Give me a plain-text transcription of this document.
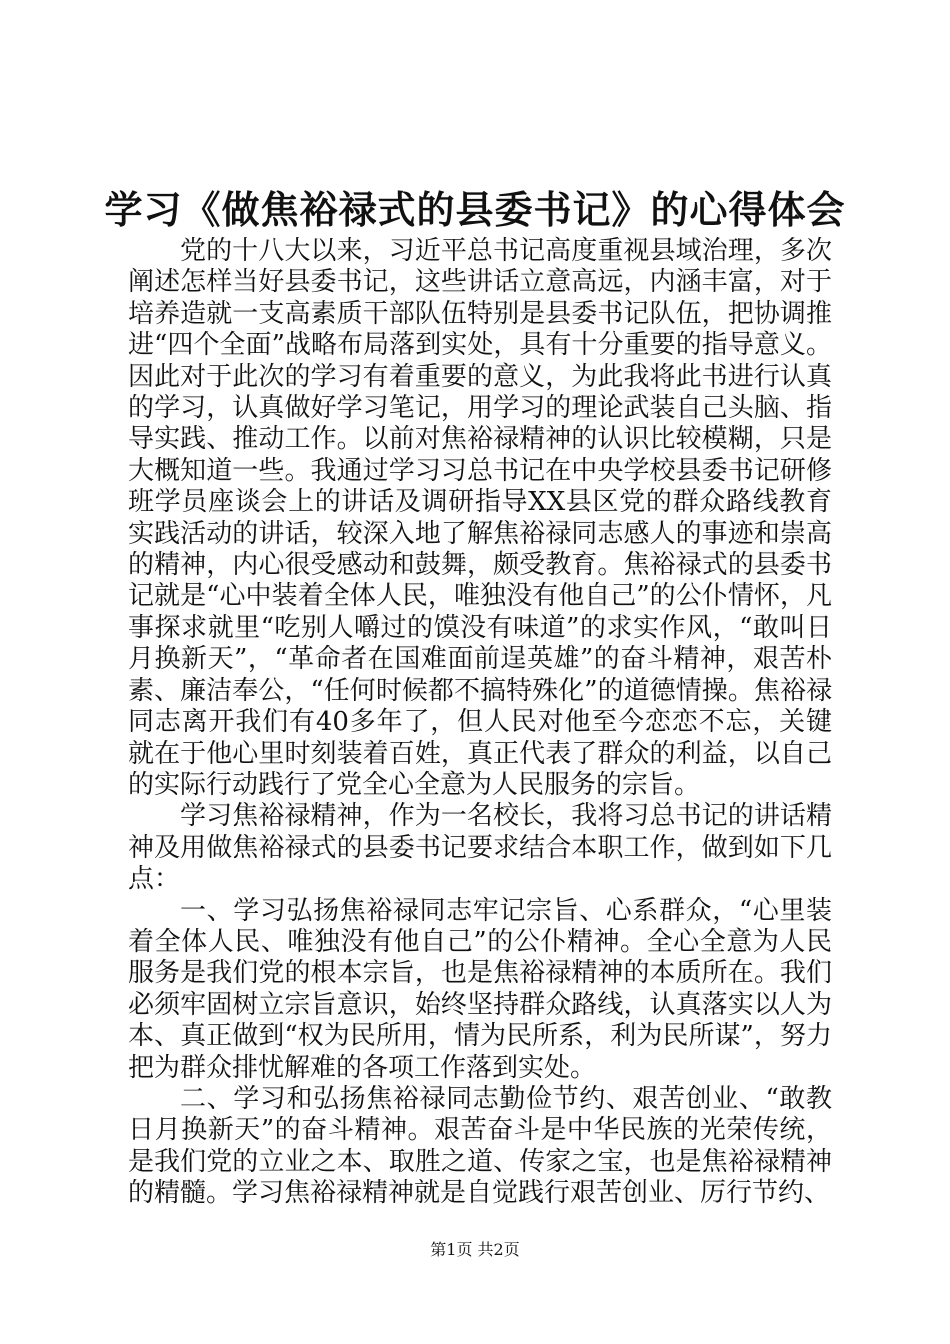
学习《做焦裕禄式的县委书记》的心得体会

党的十八大以来，习近平总书记高度重视县域治理，多次阐述怎样当好县委书记，这些讲话立意高远，内涵丰富，对于培养造就一支高素质干部队伍特别是县委书记队伍，把协调推进“四个全面”战略布局落到实处，具有十分重要的指导意义。因此对于此次的学习有着重要的意义，为此我将此书进行认真的学习，认真做好学习笔记，用学习的理论武装自己头脑、指导实践、推动工作。以前对焦裕禄精神的认识比较模糊，只是大概知道一些。我通过学习习总书记在中央学校县委书记研修班学员座谈会上的讲话及调研指导XX县区党的群众路线教育实践活动的讲话，较深入地了解焦裕禄同志感人的事迹和崇高的精神，内心很受感动和鼓舞，颇受教育。焦裕禄式的县委书记就是“心中装着全体人民，唯独没有他自己”的公仆情怀，凡事探求就里“吃别人嚼过的馍没有味道”的求实作风，“敢叫日月换新天”，“革命者在国难面前逞英雄”的奋斗精神，艰苦朴素、廉洁奉公，“任何时候都不搞特殊化”的道德情操。焦裕禄同志离开我们有40多年了，但人民对他至今恋恋不忘，关键就在于他心里时刻装着百姓，真正代表了群众的利益，以自己的实际行动践行了党全心全意为人民服务的宗旨。

学习焦裕禄精神，作为一名校长，我将习总书记的讲话精神及用做焦裕禄式的县委书记要求结合本职工作，做到如下几点：

一、学习弘扬焦裕禄同志牢记宗旨、心系群众，“心里装着全体人民、唯独没有他自己”的公仆精神。全心全意为人民服务是我们党的根本宗旨，也是焦裕禄精神的本质所在。我们必须牢固树立宗旨意识，始终坚持群众路线，认真落实以人为本、真正做到“权为民所用，情为民所系，利为民所谋”，努力把为群众排忧解难的各项工作落到实处。

二、学习和弘扬焦裕禄同志勤俭节约、艰苦创业、“敢教日月换新天”的奋斗精神。艰苦奋斗是中华民族的光荣传统，是我们党的立业之本、取胜之道、传家之宝，也是焦裕禄精神的精髓。学习焦裕禄精神就是自觉践行艰苦创业、厉行节约、

第1页 共2页
